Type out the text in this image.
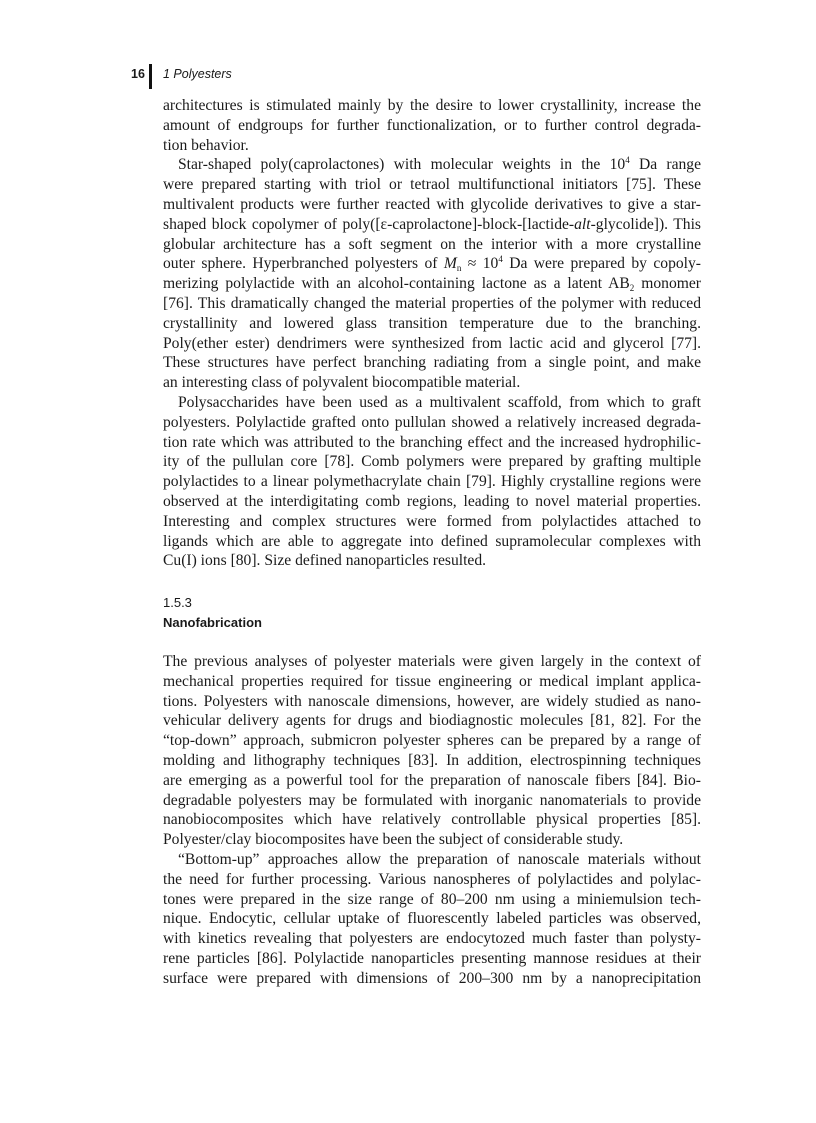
16 1 Polyesters
architectures is stimulated mainly by the desire to lower crystallinity, increase the
amount of endgroups for further functionalization, or to further control degrada-
tion behavior.
Star-shaped poly(caprolactones) with molecular weights in the $10^4$ Da range
were prepared starting with triol or tetraol multifunctional initiators [75]. These
multivalent products were further reacted with glycolide derivatives to give a star-
shaped block copolymer of poly([ε-caprolactone]-block-[lactide-alt-glycolide]). This
globular architecture has a soft segment on the interior with a more crystalline
outer sphere. Hyperbranched polyesters of $M_n \approx 10^4$ Da were prepared by copoly-
merizing polylactide with an alcohol-containing lactone as a latent $AB_2$ monomer
[76]. This dramatically changed the material properties of the polymer with reduced
crystallinity and lowered glass transition temperature due to the branching.
Poly(ether ester) dendrimers were synthesized from lactic acid and glycerol [77].
These structures have perfect branching radiating from a single point, and make
an interesting class of polyvalent biocompatible material.
Polysaccharides have been used as a multivalent scaffold, from which to graft
polyesters. Polylactide grafted onto pullulan showed a relatively increased degrada-
tion rate which was attributed to the branching effect and the increased hydrophilic-
ity of the pullulan core [78]. Comb polymers were prepared by grafting multiple
polylactides to a linear polymethacrylate chain [79]. Highly crystalline regions were
observed at the interdigitating comb regions, leading to novel material properties.
Interesting and complex structures were formed from polylactides attached to
ligands which are able to aggregate into defined supramolecular complexes with
Cu(I) ions [80]. Size defined nanoparticles resulted.
1.5.3
Nanofabrication
The previous analyses of polyester materials were given largely in the context of
mechanical properties required for tissue engineering or medical implant applica-
tions. Polyesters with nanoscale dimensions, however, are widely studied as nano-
vehicular delivery agents for drugs and biodiagnostic molecules [81, 82]. For the
“top-down” approach, submicron polyester spheres can be prepared by a range of
molding and lithography techniques [83]. In addition, electrospinning techniques
are emerging as a powerful tool for the preparation of nanoscale fibers [84]. Bio-
degradable polyesters may be formulated with inorganic nanomaterials to provide
nanobiocomposites which have relatively controllable physical properties [85].
Polyester/clay biocomposites have been the subject of considerable study.
“Bottom-up” approaches allow the preparation of nanoscale materials without
the need for further processing. Various nanospheres of polylactides and polylac-
tones were prepared in the size range of 80–200 nm using a miniemulsion tech-
nique. Endocytic, cellular uptake of fluorescently labeled particles was observed,
with kinetics revealing that polyesters are endocytozed much faster than polysty-
rene particles [86]. Polylactide nanoparticles presenting mannose residues at their
surface were prepared with dimensions of 200–300 nm by a nanoprecipitation
